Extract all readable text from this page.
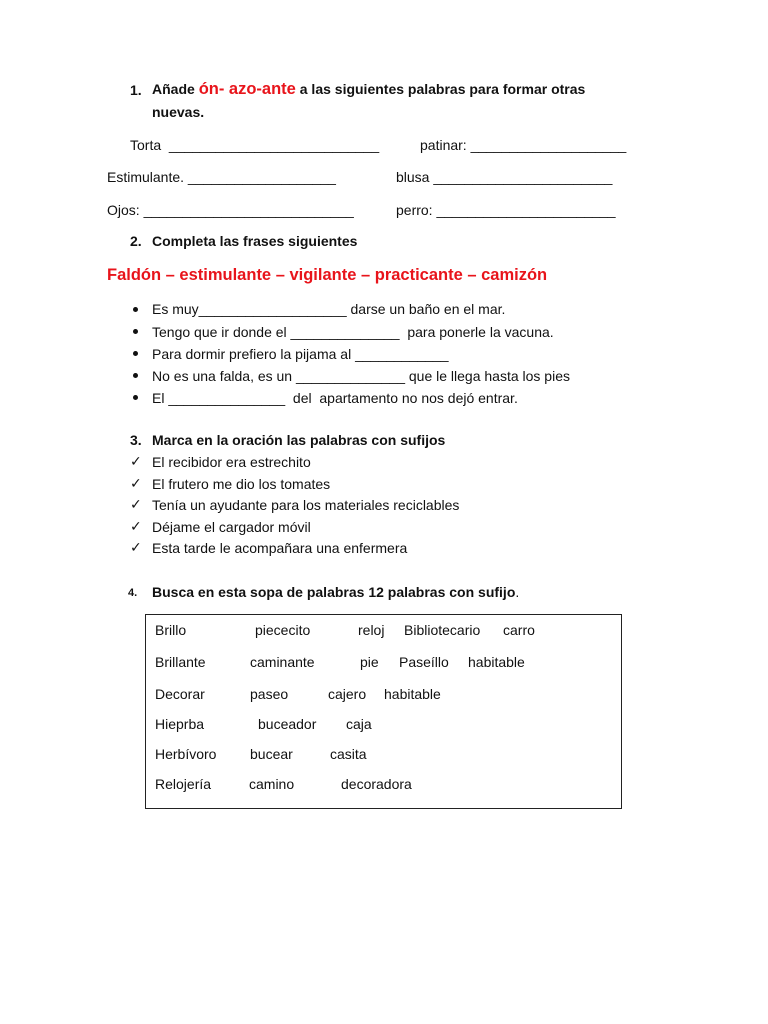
1. Añade ón- azo-ante a las siguientes palabras para formar otras
nuevas.
Torta  ___________________________	patinar: ____________________
Estimulante. ___________________	blusa _______________________
Ojos: ___________________________	perro: _______________________
2. Completa las frases siguientes
Faldón – estimulante – vigilante – practicante – camizón
Es muy___________________ darse un baño en el mar.
Tengo que ir donde el ______________  para ponerle la vacuna.
Para dormir prefiero la pijama al ____________
No es una falda, es un ______________ que le llega hasta los pies
El _______________  del  apartamento no nos dejó entrar.
3. Marca en la oración las palabras con sufijos
✓ El recibidor era estrechito
✓ El frutero me dio los tomates
✓ Tenía un ayudante para los materiales reciclables
✓ Déjame el cargador móvil
✓ Esta tarde le acompañara una enfermera
4. Busca en esta sopa de palabras 12 palabras con sufijo.
Brillo	piececito	reloj Bibliotecario carro
Brillante	caminante	pie Paseíllo habitable
Decorar	paseo	cajero habitable
Hieprba	buceador caja
Herbívoro bucear	casita
Relojería	camino	decoradora
